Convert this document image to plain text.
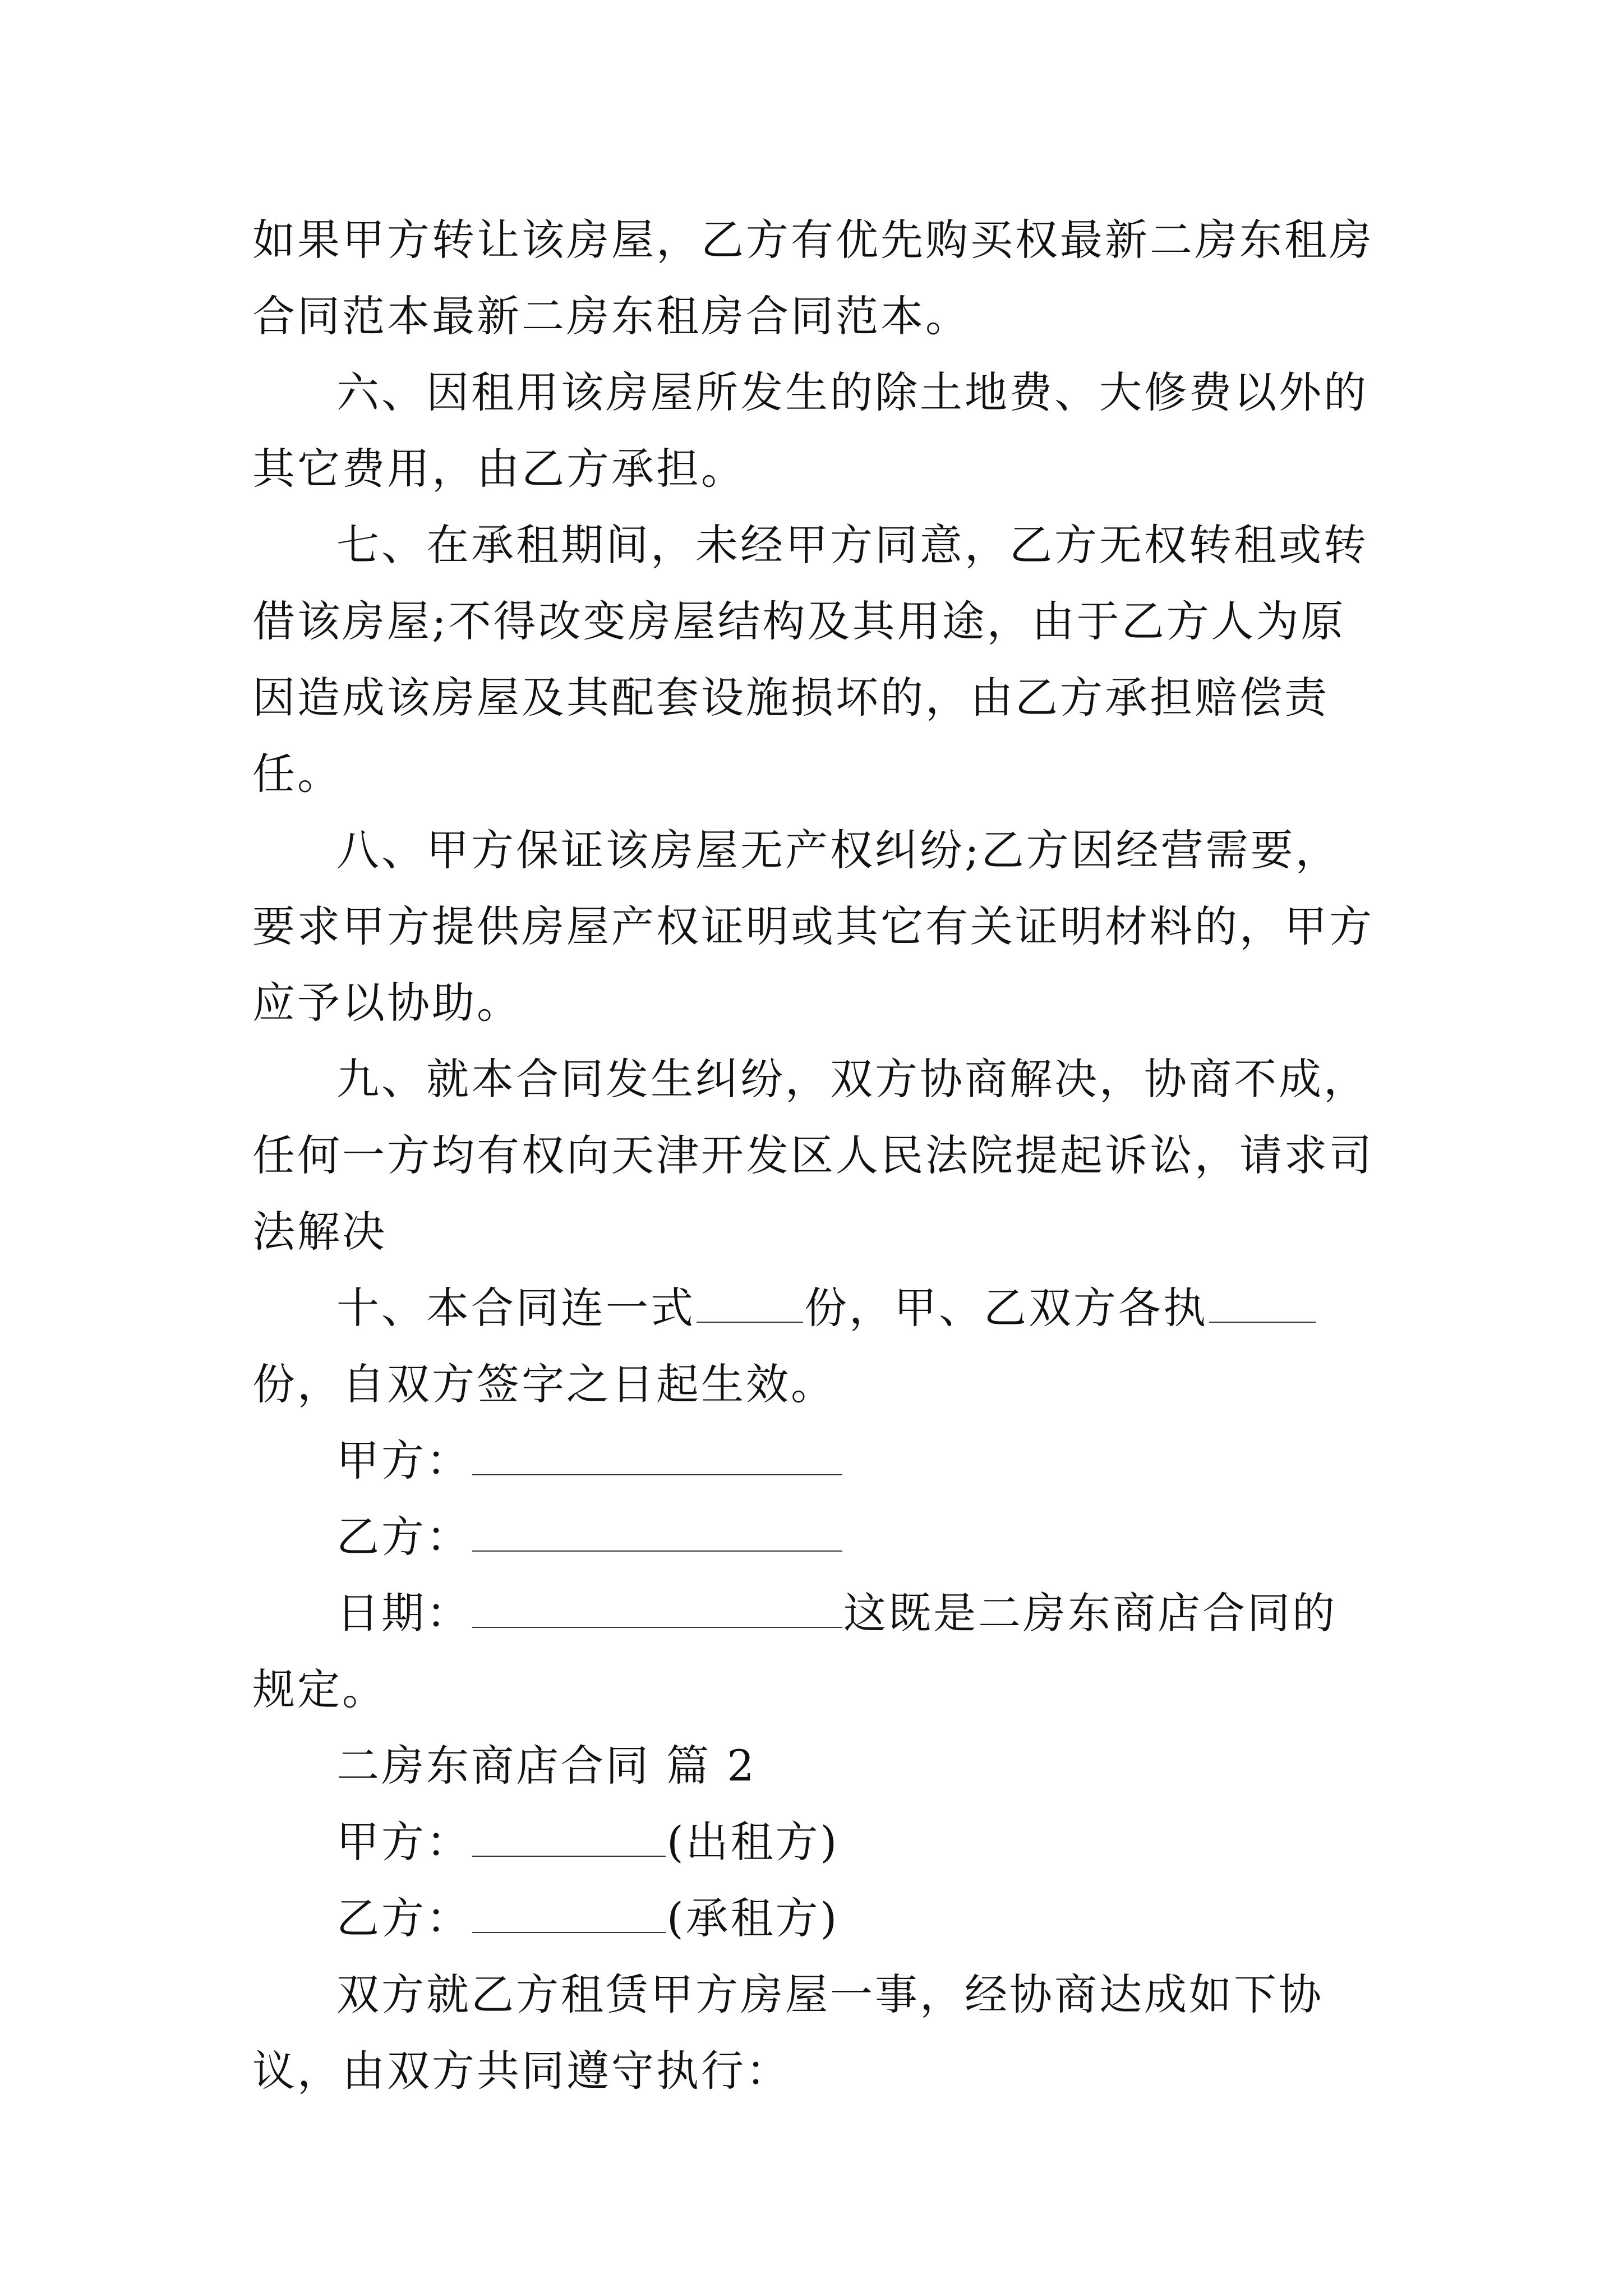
如果甲方转让该房屋，乙方有优先购买权最新二房东租房合同范本最新二房东租房合同范本。

六、因租用该房屋所发生的除土地费、大修费以外的其它费用，由乙方承担。

七、在承租期间，未经甲方同意，乙方无权转租或转借该房屋;不得改变房屋结构及其用途，由于乙方人为原因造成该房屋及其配套设施损坏的，由乙方承担赔偿责任。

八、甲方保证该房屋无产权纠纷;乙方因经营需要，要求甲方提供房屋产权证明或其它有关证明材料的，甲方应予以协助。

九、就本合同发生纠纷，双方协商解决，协商不成，任何一方均有权向天津开发区人民法院提起诉讼，请求司法解决

十、本合同连一式	份，甲、乙双方各执份，自双方签字之日起生效。

甲方：
乙方：

日期：	这既是二房东商店合同的规定。

二房东商店合同 篇 2
甲方：	(出租方)
乙方：	(承租方)

双方就乙方租赁甲方房屋一事，经协商达成如下协议，由双方共同遵守执行：
